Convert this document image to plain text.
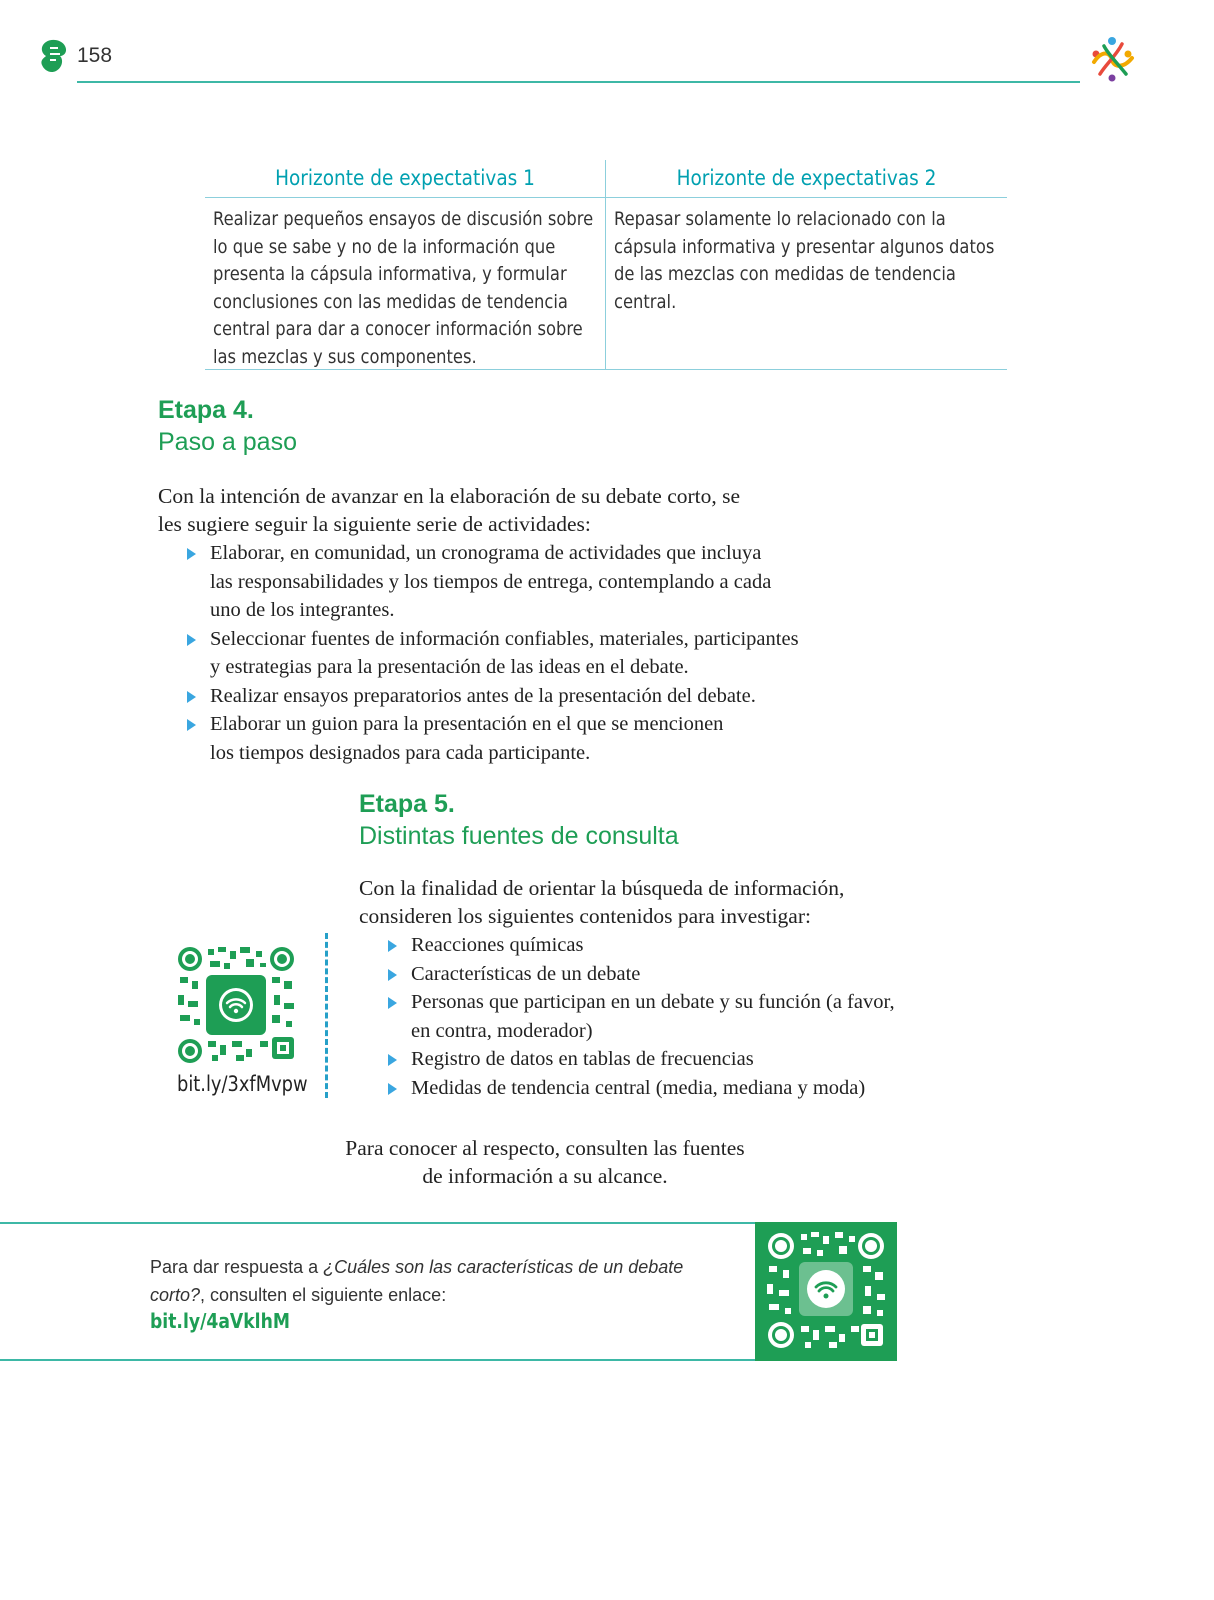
158
Horizonte de expectativas 1	Horizonte de expectativas 2
Realizar pequeños ensayos de discusión sobre
lo que se sabe y no de la información que
presenta la cápsula informativa, y formular
conclusiones con las medidas de tendencia
central para dar a conocer información sobre
las mezclas y sus componentes.
Repasar solamente lo relacionado con la
cápsula informativa y presentar algunos datos
de las mezclas con medidas de tendencia
central.
Etapa 4.
Paso a paso
Con la intención de avanzar en la elaboración de su debate corto, se
les sugiere seguir la siguiente serie de actividades:
Elaborar, en comunidad, un cronograma de actividades que incluya
las responsabilidades y los tiempos de entrega, contemplando a cada
uno de los integrantes.
Seleccionar fuentes de información confiables, materiales, participantes
y estrategias para la presentación de las ideas en el debate.
Realizar ensayos preparatorios antes de la presentación del debate.
Elaborar un guion para la presentación en el que se mencionen
los tiempos designados para cada participante.
Etapa 5.
Distintas fuentes de consulta
Con la finalidad de orientar la búsqueda de información,
consideren los siguientes contenidos para investigar:
Reacciones químicas
Características de un debate
Personas que participan en un debate y su función (a favor,
en contra, moderador)
Registro de datos en tablas de frecuencias
Medidas de tendencia central (media, mediana y moda)
bit.ly/3xfMvpw
Para conocer al respecto, consulten las fuentes
de información a su alcance.
Para dar respuesta a ¿Cuáles son las características de un debate corto?, consulten el siguiente enlace:
bit.ly/4aVklhM
